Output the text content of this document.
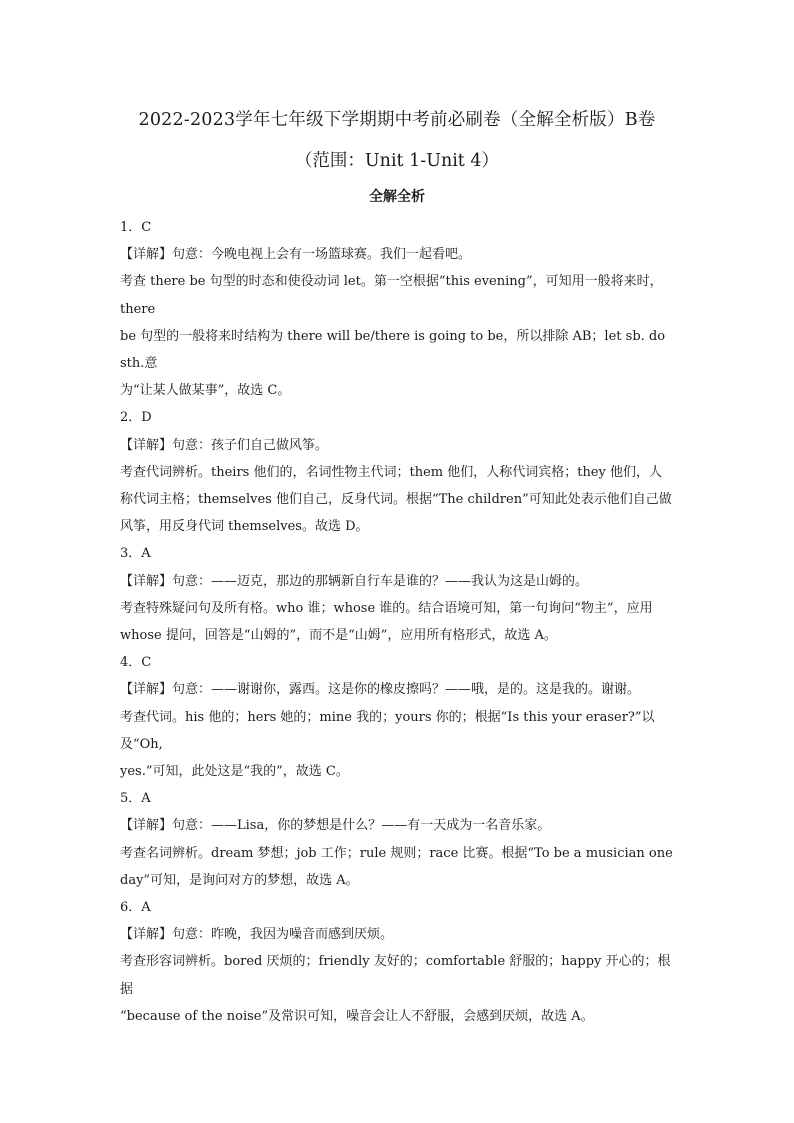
2022-2023学年七年级下学期期中考前必刷卷（全解全析版）B卷
（范围：Unit 1-Unit 4）
全解全析

1．C

【详解】句意：今晚电视上会有一场篮球赛。我们一起看吧。

考查 there be 句型的时态和使役动词 let。第一空根据“this evening”，可知用一般将来时，there

be 句型的一般将来时结构为 there will be/there is going to be，所以排除 AB；let sb. do sth.意

为“让某人做某事”，故选 C。

2．D

【详解】句意：孩子们自己做风筝。

考查代词辨析。theirs 他们的，名词性物主代词；them 他们，人称代词宾格；they 他们，人

称代词主格；themselves 他们自己，反身代词。根据“The children”可知此处表示他们自己做

风筝，用反身代词 themselves。故选 D。

3．A

【详解】句意：——迈克，那边的那辆新自行车是谁的？——我认为这是山姆的。

考查特殊疑问句及所有格。who 谁；whose 谁的。结合语境可知，第一句询问“物主”，应用

whose 提问，回答是“山姆的”，而不是“山姆”，应用所有格形式，故选 A。

4．C

【详解】句意：——谢谢你，露西。这是你的橡皮擦吗？——哦，是的。这是我的。谢谢。

考查代词。his 他的；hers 她的；mine 我的；yours 你的；根据“Is this your eraser?”以及“Oh,

yes.”可知，此处这是“我的”，故选 C。

5．A

【详解】句意：——Lisa，你的梦想是什么？——有一天成为一名音乐家。

考查名词辨析。dream 梦想；job 工作；rule 规则；race 比赛。根据“To be a musician one

day”可知，是询问对方的梦想，故选 A。

6．A

【详解】句意：昨晚，我因为噪音而感到厌烦。

考查形容词辨析。bored 厌烦的；friendly 友好的；comfortable 舒服的；happy 开心的；根据

“because of the noise”及常识可知，噪音会让人不舒服，会感到厌烦，故选 A。
